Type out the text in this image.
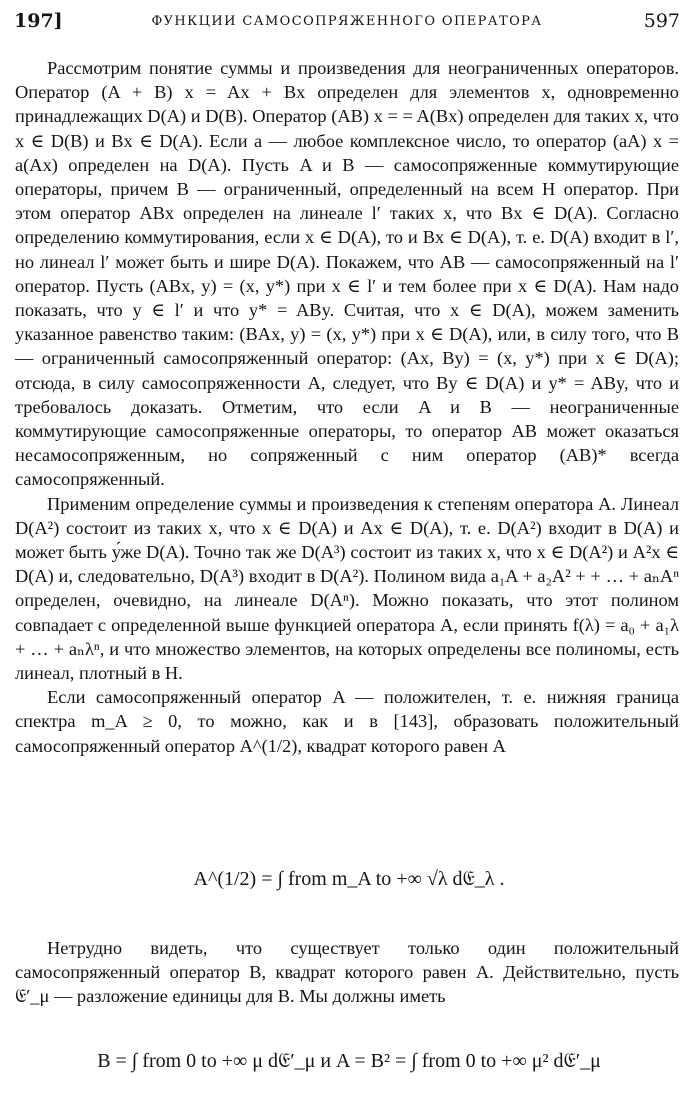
197]	ФУНКЦИИ САМОСОПРЯЖЕННОГО ОПЕРАТОРА	597

Рассмотрим понятие суммы и произведения для неограниченных операторов. Оператор (A + B) x = Ax + Bx определен для элементов x, одновременно принадлежащих D(A) и D(B). Оператор (AB) x = = A(Bx) определен для таких x, что x ∈ D(B) и Bx ∈ D(A). Если a — любое комплексное число, то оператор (aA) x = a(Ax) определен на D(A). Пусть A и B — самосопряженные коммутирующие операторы, причем B — ограниченный, определенный на всем H оператор. При этом оператор ABx определен на линеале l′ таких x, что Bx ∈ D(A). Согласно определению коммутирования, если x ∈ D(A), то и Bx ∈ D(A), т. е. D(A) входит в l′, но линеал l′ может быть и шире D(A). Покажем, что AB — самосопряженный на l′ оператор. Пусть (ABx, y) = (x, y*) при x ∈ l′ и тем более при x ∈ D(A). Нам надо показать, что y ∈ l′ и что y* = ABy. Считая, что x ∈ D(A), можем заменить указанное равенство таким: (BAx, y) = (x, y*) при x ∈ D(A), или, в силу того, что B — ограниченный самосопряженный оператор: (Ax, By) = (x, y*) при x ∈ D(A); отсюда, в силу самосопряженности A, следует, что By ∈ D(A) и y* = ABy, что и требовалось доказать. Отметим, что если A и B — неограниченные коммутирующие самосопряженные операторы, то оператор AB может оказаться несамосопряженным, но сопряженный с ним оператор (AB)* всегда самосопряженный.

Применим определение суммы и произведения к степеням оператора A. Линеал D(A²) состоит из таких x, что x ∈ D(A) и Ax ∈ D(A), т. е. D(A²) входит в D(A) и может быть у́же D(A). Точно так же D(A³) состоит из таких x, что x ∈ D(A²) и A²x ∈ D(A) и, следовательно, D(A³) входит в D(A²). Полином вида a₁A + a₂A² + + … + aₙAⁿ определен, очевидно, на линеале D(Aⁿ). Можно показать, что этот полином совпадает с определенной выше функцией оператора A, если принять f(λ) = a₀ + a₁λ + … + aₙλⁿ, и что множество элементов, на которых определены все полиномы, есть линеал, плотный в H.

Если самосопряженный оператор A — положителен, т. е. нижняя граница спектра m_A ≥ 0, то можно, как и в [143], образовать положительный самосопряженный оператор A^(1/2), квадрат которого равен A

A^(1/2) = ∫ from m_A to +∞ √λ d𝔈_λ .

Нетрудно видеть, что существует только один положительный самосопряженный оператор B, квадрат которого равен A. Действительно, пусть 𝔈′_μ — разложение единицы для B. Мы должны иметь

B = ∫ from 0 to +∞ μ d𝔈′_μ и A = B² = ∫ from 0 to +∞ μ² d𝔈′_μ
